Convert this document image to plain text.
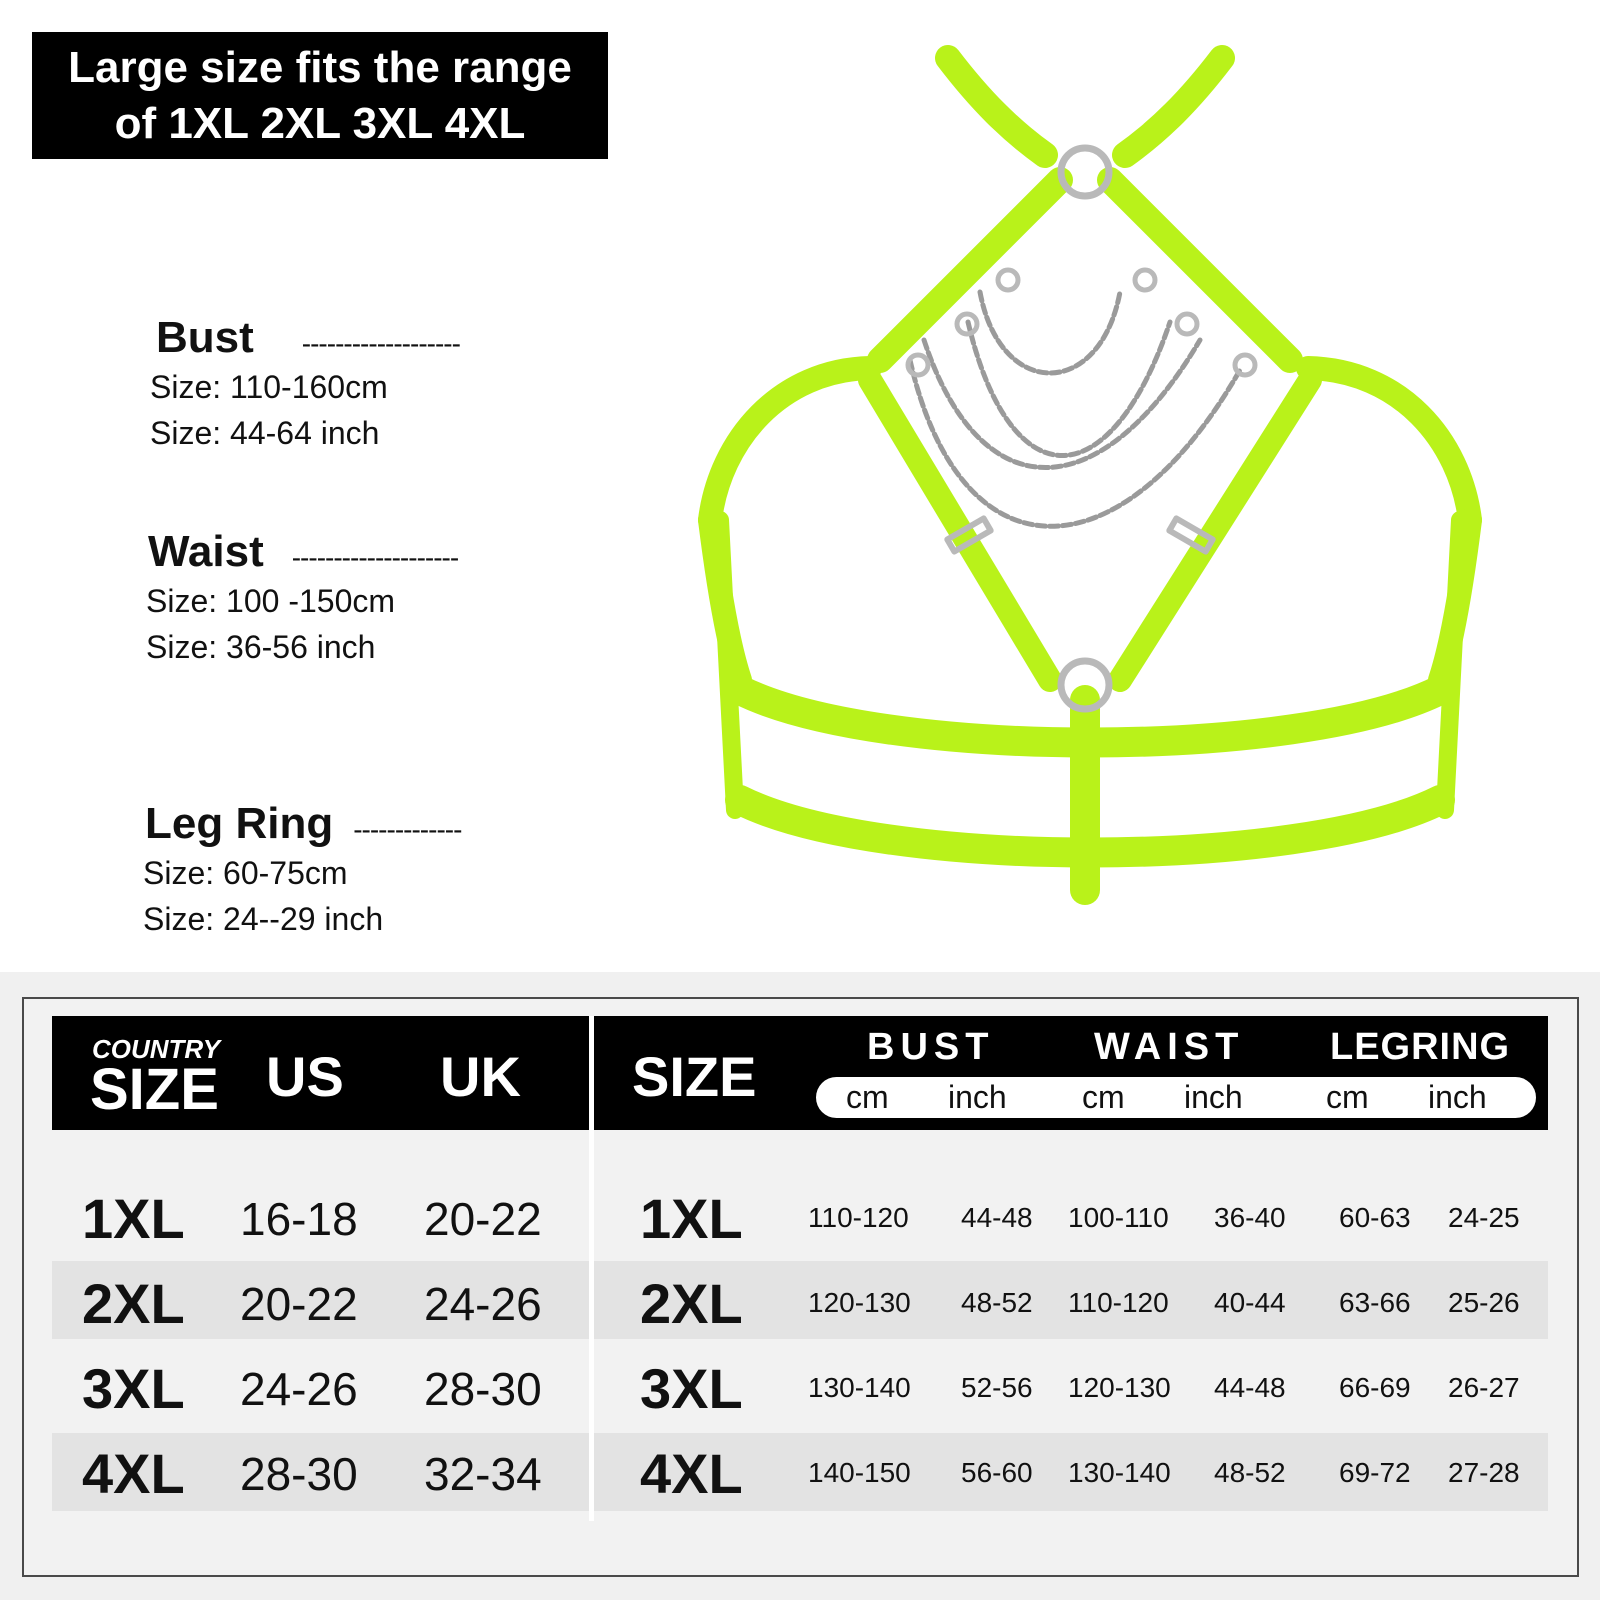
Large size fits the range
of 1XL 2XL 3XL 4XL
Bust -------------------
Size: 110-160cm
Size: 44-64 inch
Waist --------------------
Size: 100 -150cm
Size: 36-56 inch
Leg Ring -------------
Size: 60-75cm
Size: 24--29 inch
COUNTRY
SIZE US UK SIZE	BUST	WAIST LEGRING
cm inch cm inch	cm inch
1XL 16-18 20-22 1XL 110-120 44-48 100-110 36-40 60-63 24-25
2XL 20-22 24-26 2XL 120-130 48-52 110-120 40-44 63-66 25-26
3XL 24-26 28-30 3XL 130-140 52-56 120-130 44-48 66-69 26-27
4XL 28-30 32-34 4XL 140-150 56-60 130-140 48-52 69-72 27-28
